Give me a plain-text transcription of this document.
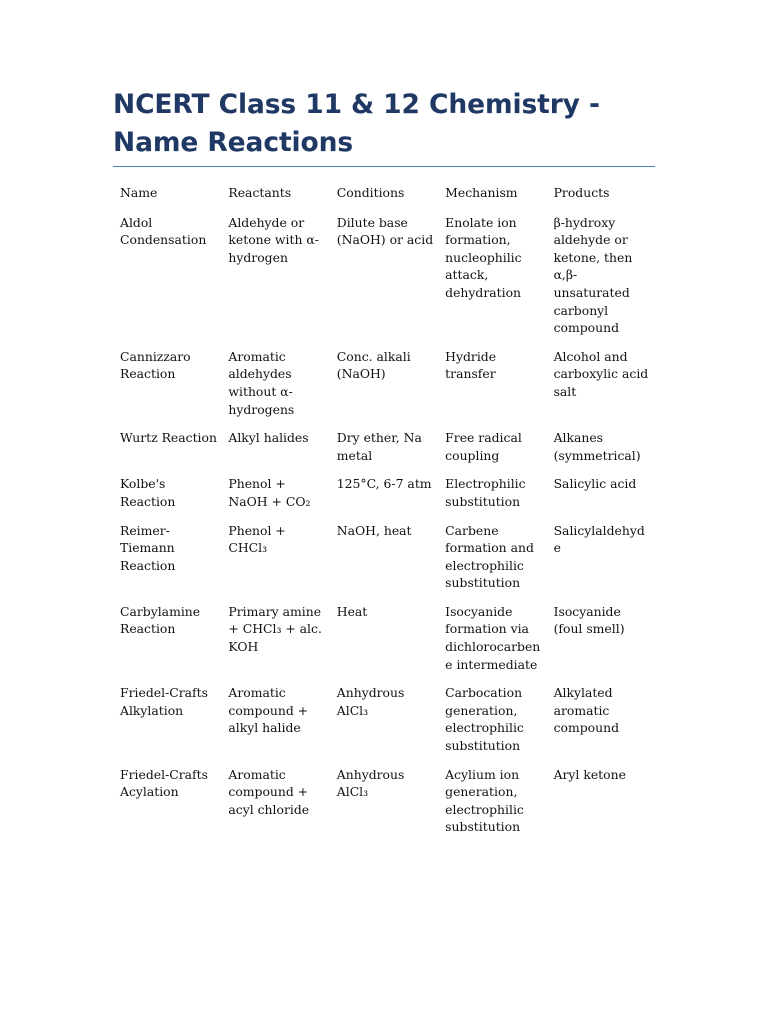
NCERT Class 11 & 12 Chemistry - Name Reactions
Name	Reactants	Conditions	Mechanism	Products
Aldol Condensation	Aldehyde or ketone with α-hydrogen	Dilute base (NaOH) or acid	Enolate ion formation, nucleophilic attack, dehydration	β-hydroxy aldehyde or ketone, then α,β-unsaturated carbonyl compound
Cannizzaro Reaction	Aromatic aldehydes without α-hydrogens	Conc. alkali (NaOH)	Hydride transfer	Alcohol and carboxylic acid salt
Wurtz Reaction	Alkyl halides	Dry ether, Na metal	Free radical coupling	Alkanes (symmetrical)
Kolbe's Reaction	Phenol + NaOH + CO₂	125°C, 6-7 atm	Electrophilic substitution	Salicylic acid
Reimer-Tiemann Reaction	Phenol + CHCl₃	NaOH, heat	Carbene formation and electrophilic substitution	Salicylaldehyde
Carbylamine Reaction	Primary amine + CHCl₃ + alc. KOH	Heat	Isocyanide formation via dichlorocarbene intermediate	Isocyanide (foul smell)
Friedel-Crafts Alkylation	Aromatic compound + alkyl halide	Anhydrous AlCl₃	Carbocation generation, electrophilic substitution	Alkylated aromatic compound
Friedel-Crafts Acylation	Aromatic compound + acyl chloride	Anhydrous AlCl₃	Acylium ion generation, electrophilic substitution	Aryl ketone
